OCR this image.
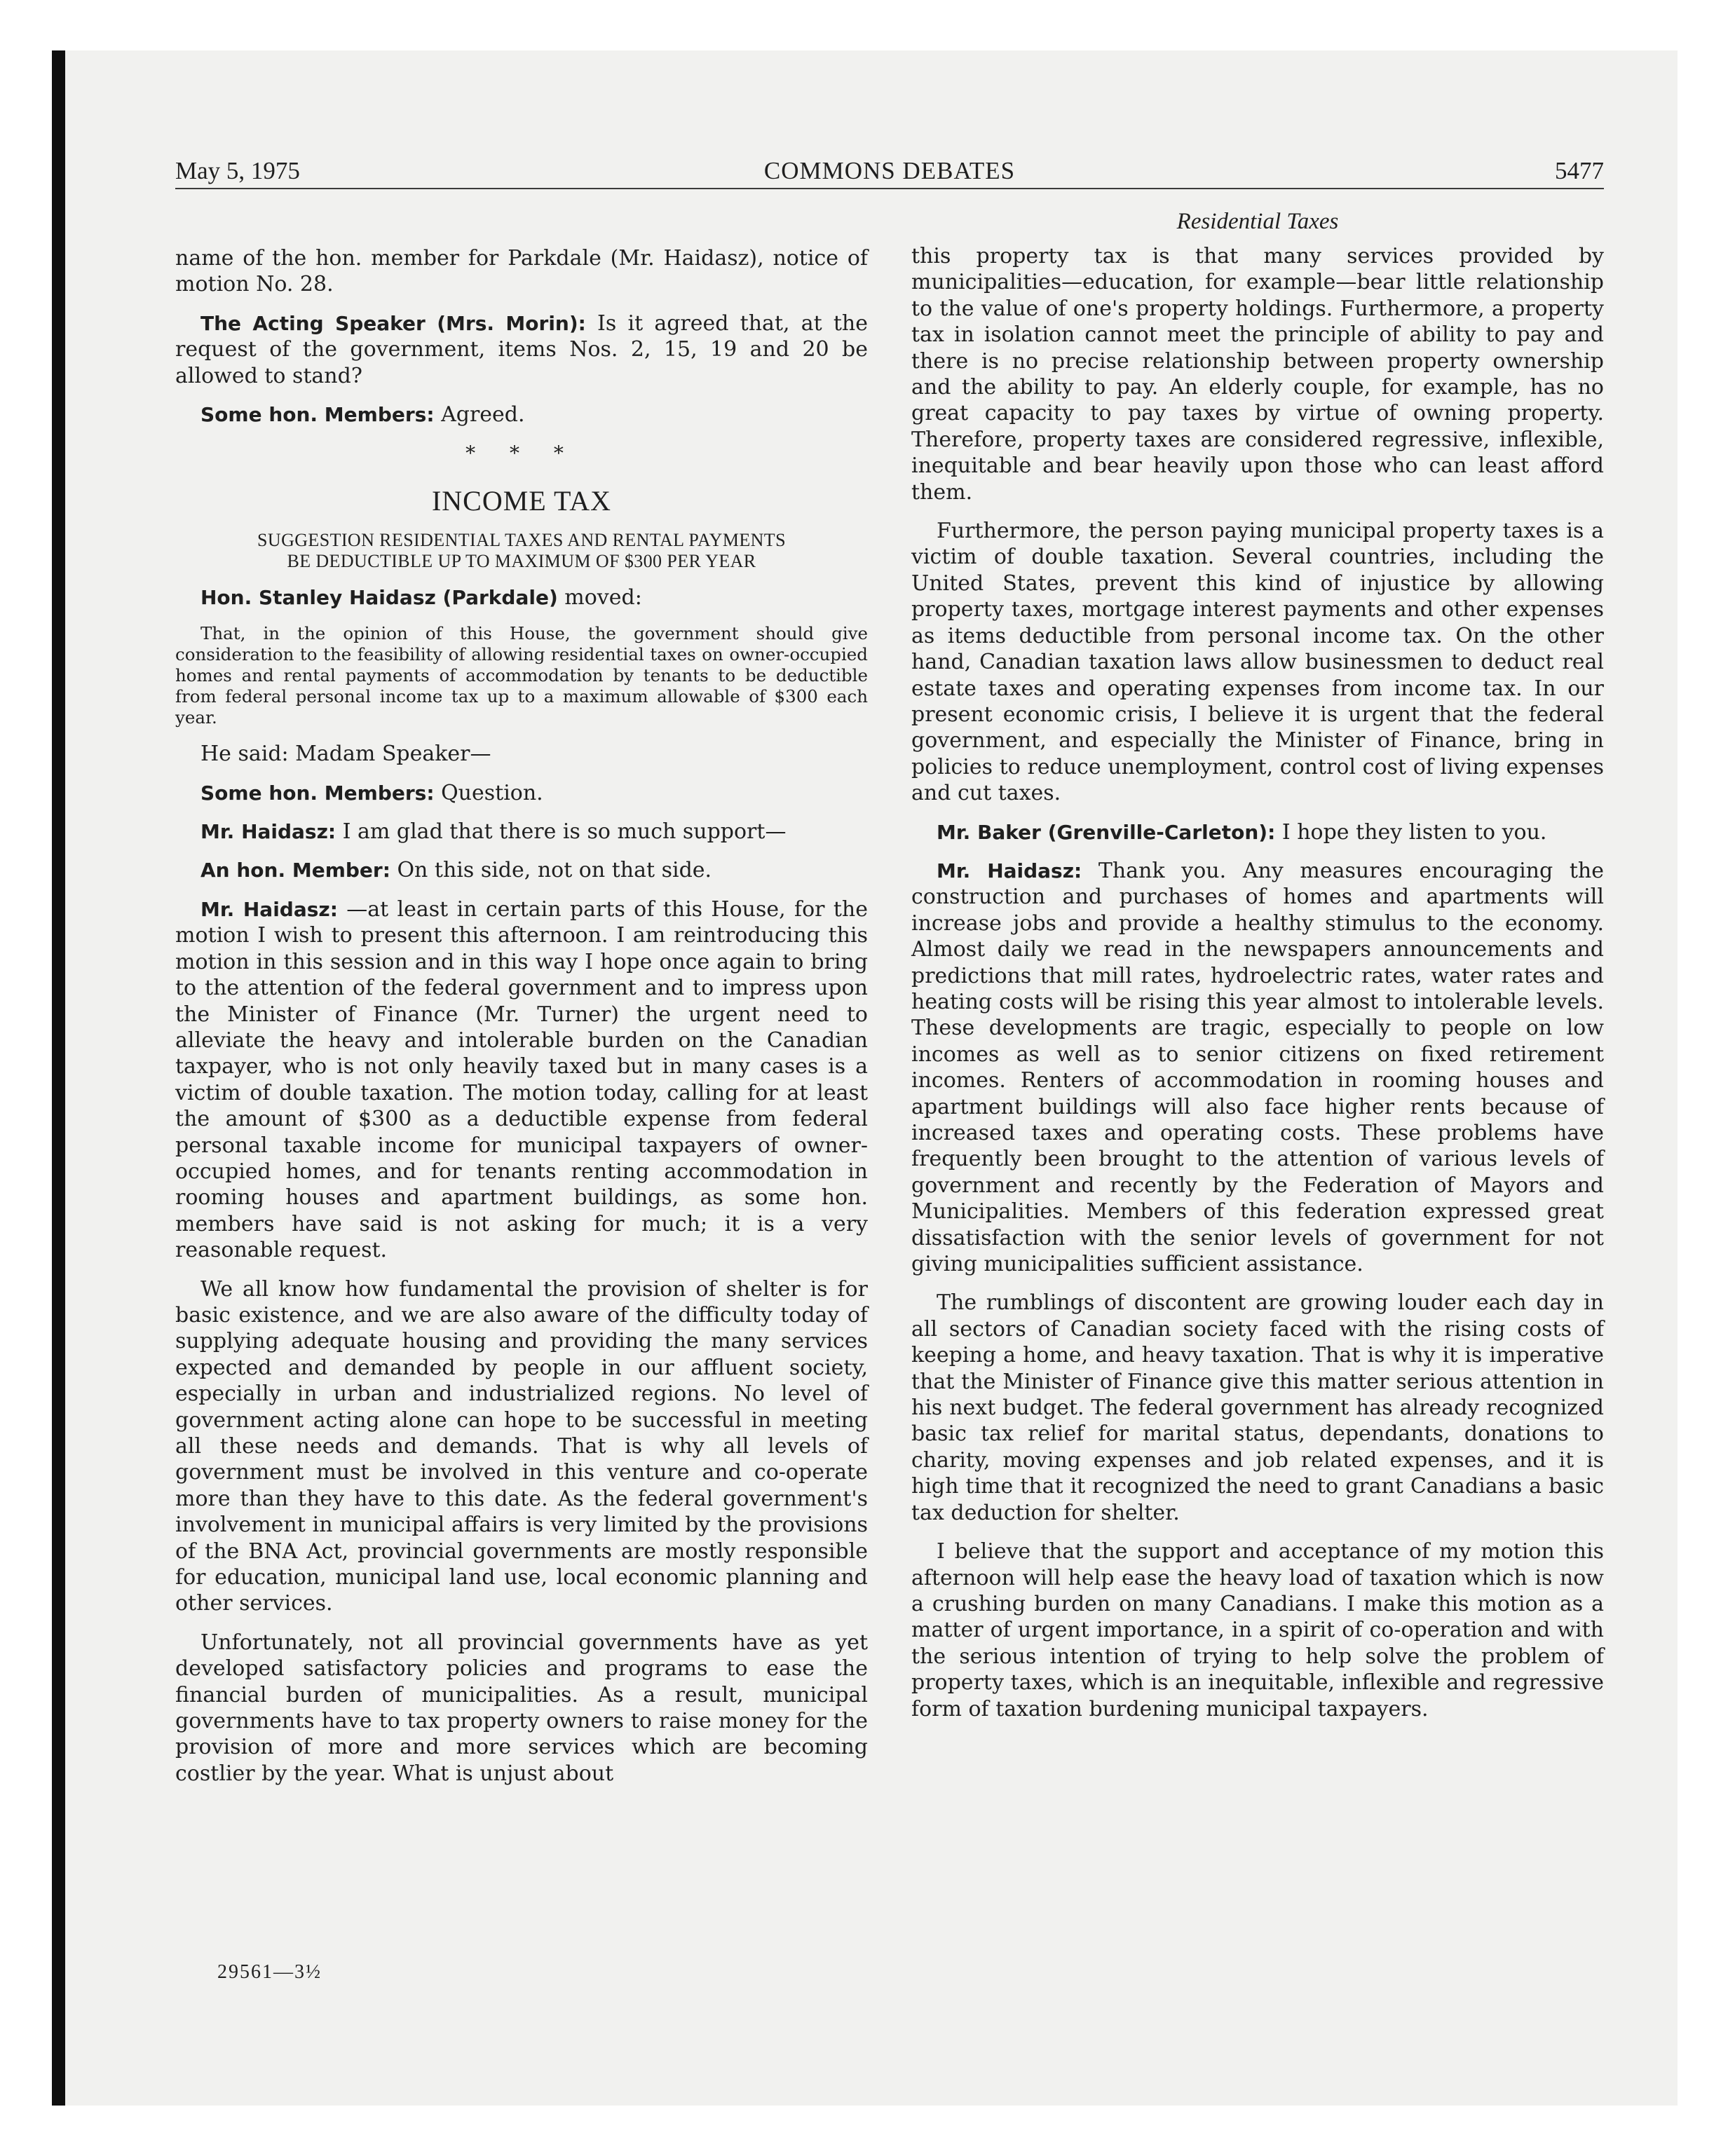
May 5, 1975	COMMONS DEBATES	5477
Residential Taxes

name of the hon. member for Parkdale (Mr. Haidasz), notice of motion No. 28.

The Acting Speaker (Mrs. Morin): Is it agreed that, at the request of the government, items Nos. 2, 15, 19 and 20 be allowed to stand?

Some hon. Members: Agreed.

* * *
INCOME TAX
SUGGESTION RESIDENTIAL TAXES AND RENTAL PAYMENTS
BE DEDUCTIBLE UP TO MAXIMUM OF $300 PER YEAR

Hon. Stanley Haidasz (Parkdale) moved:

That, in the opinion of this House, the government should give consideration to the feasibility of allowing residential taxes on owner-occupied homes and rental payments of accommodation by tenants to be deductible from federal personal income tax up to a maximum allowable of $300 each year.

He said: Madam Speaker—

Some hon. Members: Question.

Mr. Haidasz: I am glad that there is so much support—

An hon. Member: On this side, not on that side.

Mr. Haidasz: —at least in certain parts of this House, for the motion I wish to present this afternoon. I am reintroducing this motion in this session and in this way I hope once again to bring to the attention of the federal government and to impress upon the Minister of Finance (Mr. Turner) the urgent need to alleviate the heavy and intolerable burden on the Canadian taxpayer, who is not only heavily taxed but in many cases is a victim of double taxation. The motion today, calling for at least the amount of $300 as a deductible expense from federal personal taxable income for municipal taxpayers of owner-occupied homes, and for tenants renting accommodation in rooming houses and apartment buildings, as some hon. members have said is not asking for much; it is a very reasonable request.

We all know how fundamental the provision of shelter is for basic existence, and we are also aware of the difficulty today of supplying adequate housing and providing the many services expected and demanded by people in our affluent society, especially in urban and industrialized regions. No level of government acting alone can hope to be successful in meeting all these needs and demands. That is why all levels of government must be involved in this venture and co-operate more than they have to this date. As the federal government's involvement in municipal affairs is very limited by the provisions of the BNA Act, provincial governments are mostly responsible for education, municipal land use, local economic planning and other services.

Unfortunately, not all provincial governments have as yet developed satisfactory policies and programs to ease the financial burden of municipalities. As a result, municipal governments have to tax property owners to raise money for the provision of more and more services which are becoming costlier by the year. What is unjust about

this property tax is that many services provided by municipalities—education, for example—bear little relationship to the value of one's property holdings. Furthermore, a property tax in isolation cannot meet the principle of ability to pay and there is no precise relationship between property ownership and the ability to pay. An elderly couple, for example, has no great capacity to pay taxes by virtue of owning property. Therefore, property taxes are considered regressive, inflexible, inequitable and bear heavily upon those who can least afford them.

Furthermore, the person paying municipal property taxes is a victim of double taxation. Several countries, including the United States, prevent this kind of injustice by allowing property taxes, mortgage interest payments and other expenses as items deductible from personal income tax. On the other hand, Canadian taxation laws allow businessmen to deduct real estate taxes and operating expenses from income tax. In our present economic crisis, I believe it is urgent that the federal government, and especially the Minister of Finance, bring in policies to reduce unemployment, control cost of living expenses and cut taxes.

Mr. Baker (Grenville-Carleton): I hope they listen to you.

Mr. Haidasz: Thank you. Any measures encouraging the construction and purchases of homes and apartments will increase jobs and provide a healthy stimulus to the economy. Almost daily we read in the newspapers announcements and predictions that mill rates, hydroelectric rates, water rates and heating costs will be rising this year almost to intolerable levels. These developments are tragic, especially to people on low incomes as well as to senior citizens on fixed retirement incomes. Renters of accommodation in rooming houses and apartment buildings will also face higher rents because of increased taxes and operating costs. These problems have frequently been brought to the attention of various levels of government and recently by the Federation of Mayors and Municipalities. Members of this federation expressed great dissatisfaction with the senior levels of government for not giving municipalities sufficient assistance.

The rumblings of discontent are growing louder each day in all sectors of Canadian society faced with the rising costs of keeping a home, and heavy taxation. That is why it is imperative that the Minister of Finance give this matter serious attention in his next budget. The federal government has already recognized basic tax relief for marital status, dependants, donations to charity, moving expenses and job related expenses, and it is high time that it recognized the need to grant Canadians a basic tax deduction for shelter.

I believe that the support and acceptance of my motion this afternoon will help ease the heavy load of taxation which is now a crushing burden on many Canadians. I make this motion as a matter of urgent importance, in a spirit of co-operation and with the serious intention of trying to help solve the problem of property taxes, which is an inequitable, inflexible and regressive form of taxation burdening municipal taxpayers.

29561—3½
